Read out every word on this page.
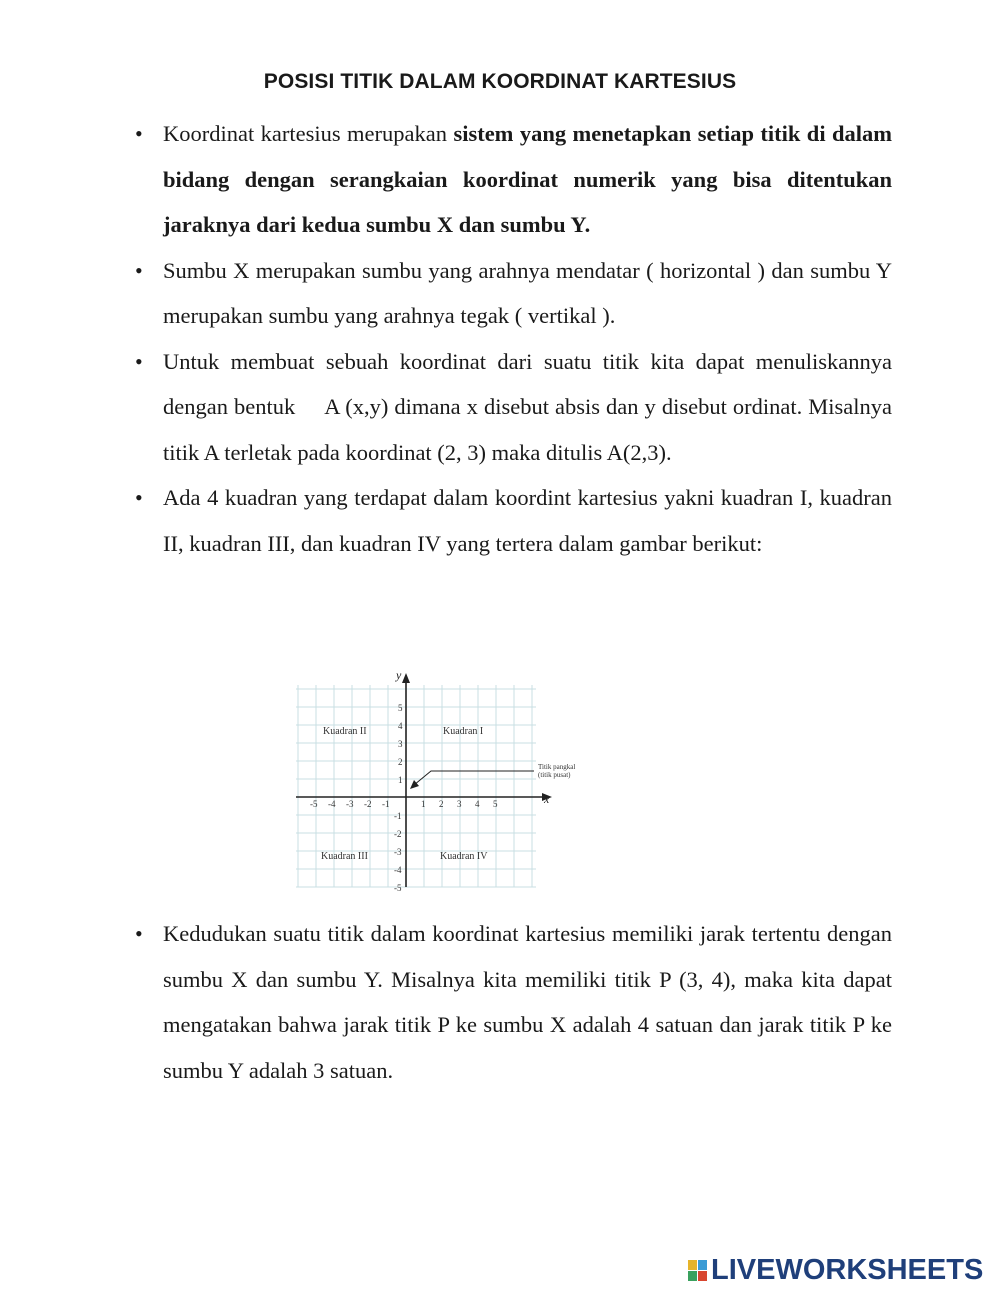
POSISI TITIK DALAM KOORDINAT KARTESIUS
• Koordinat kartesius merupakan sistem yang menetapkan setiap titik di dalam bidang dengan serangkaian koordinat numerik yang bisa ditentukan jaraknya dari kedua sumbu X dan sumbu Y.
• Sumbu X merupakan sumbu yang arahnya mendatar ( horizontal ) dan sumbu Y merupakan sumbu yang arahnya tegak ( vertikal ).
• Untuk membuat sebuah koordinat dari suatu titik kita dapat menuliskannya dengan bentuk     A (x,y) dimana x disebut absis dan y disebut ordinat. Misalnya titik A terletak pada koordinat (2, 3) maka ditulis A(2,3).
• Ada 4 kuadran yang terdapat dalam koordint kartesius yakni kuadran I, kuadran II, kuadran III, dan kuadran IV yang tertera dalam gambar berikut:
x
y
-5 -4 -3 -2 -1	1 2 3 4 5
5
4
3
2
1
-1
-2
-3
-4
-5
Kuadran II	Kuadran I
Kuadran III	Kuadran IV
Titik pangkal
(titik pusat)
• Kedudukan suatu titik dalam koordinat kartesius memiliki jarak tertentu dengan sumbu X dan sumbu Y. Misalnya kita memiliki titik P (3, 4), maka kita dapat mengatakan bahwa jarak titik P ke sumbu X adalah 4 satuan dan jarak titik P ke sumbu Y adalah 3 satuan.
LIVEWORKSHEETS
